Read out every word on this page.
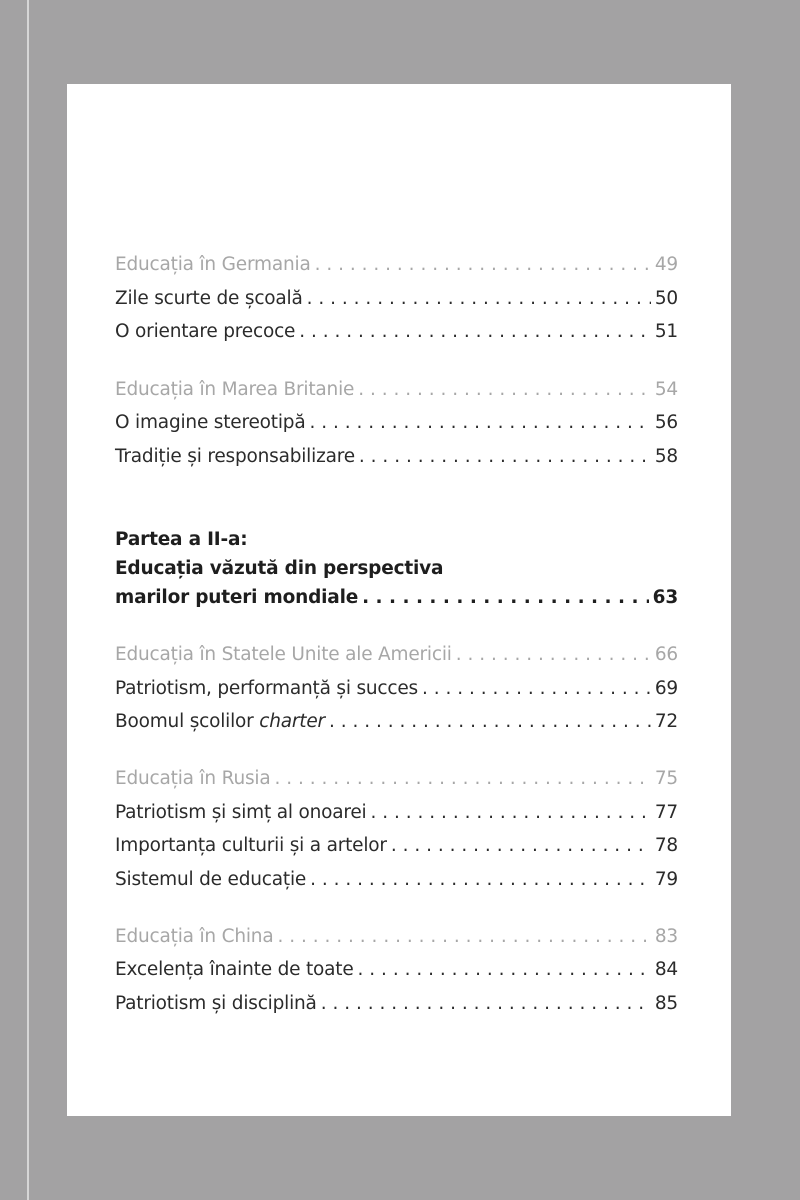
Educația în Germania . . .	49
Zile scurte de școală . . .	50
O orientare precoce . . .	51
Educația în Marea Britanie . . .	54
O imagine stereotipă . . .	56
Tradiție și responsabilizare . . .	58
Partea a II-a:
Educația văzută din perspectiva
marilor puteri mondiale . . .	63
Educația în Statele Unite ale Americii . . .	66
Patriotism, performanță și succes . . .	69
Boomul școlilor charter . . .	72
Educația în Rusia . . .	75
Patriotism și simț al onoarei . . .	77
Importanța culturii și a artelor . . .	78
Sistemul de educație . . .	79
Educația în China . . .	83
Excelența înainte de toate . . .	84
Patriotism și disciplină . . .	85
